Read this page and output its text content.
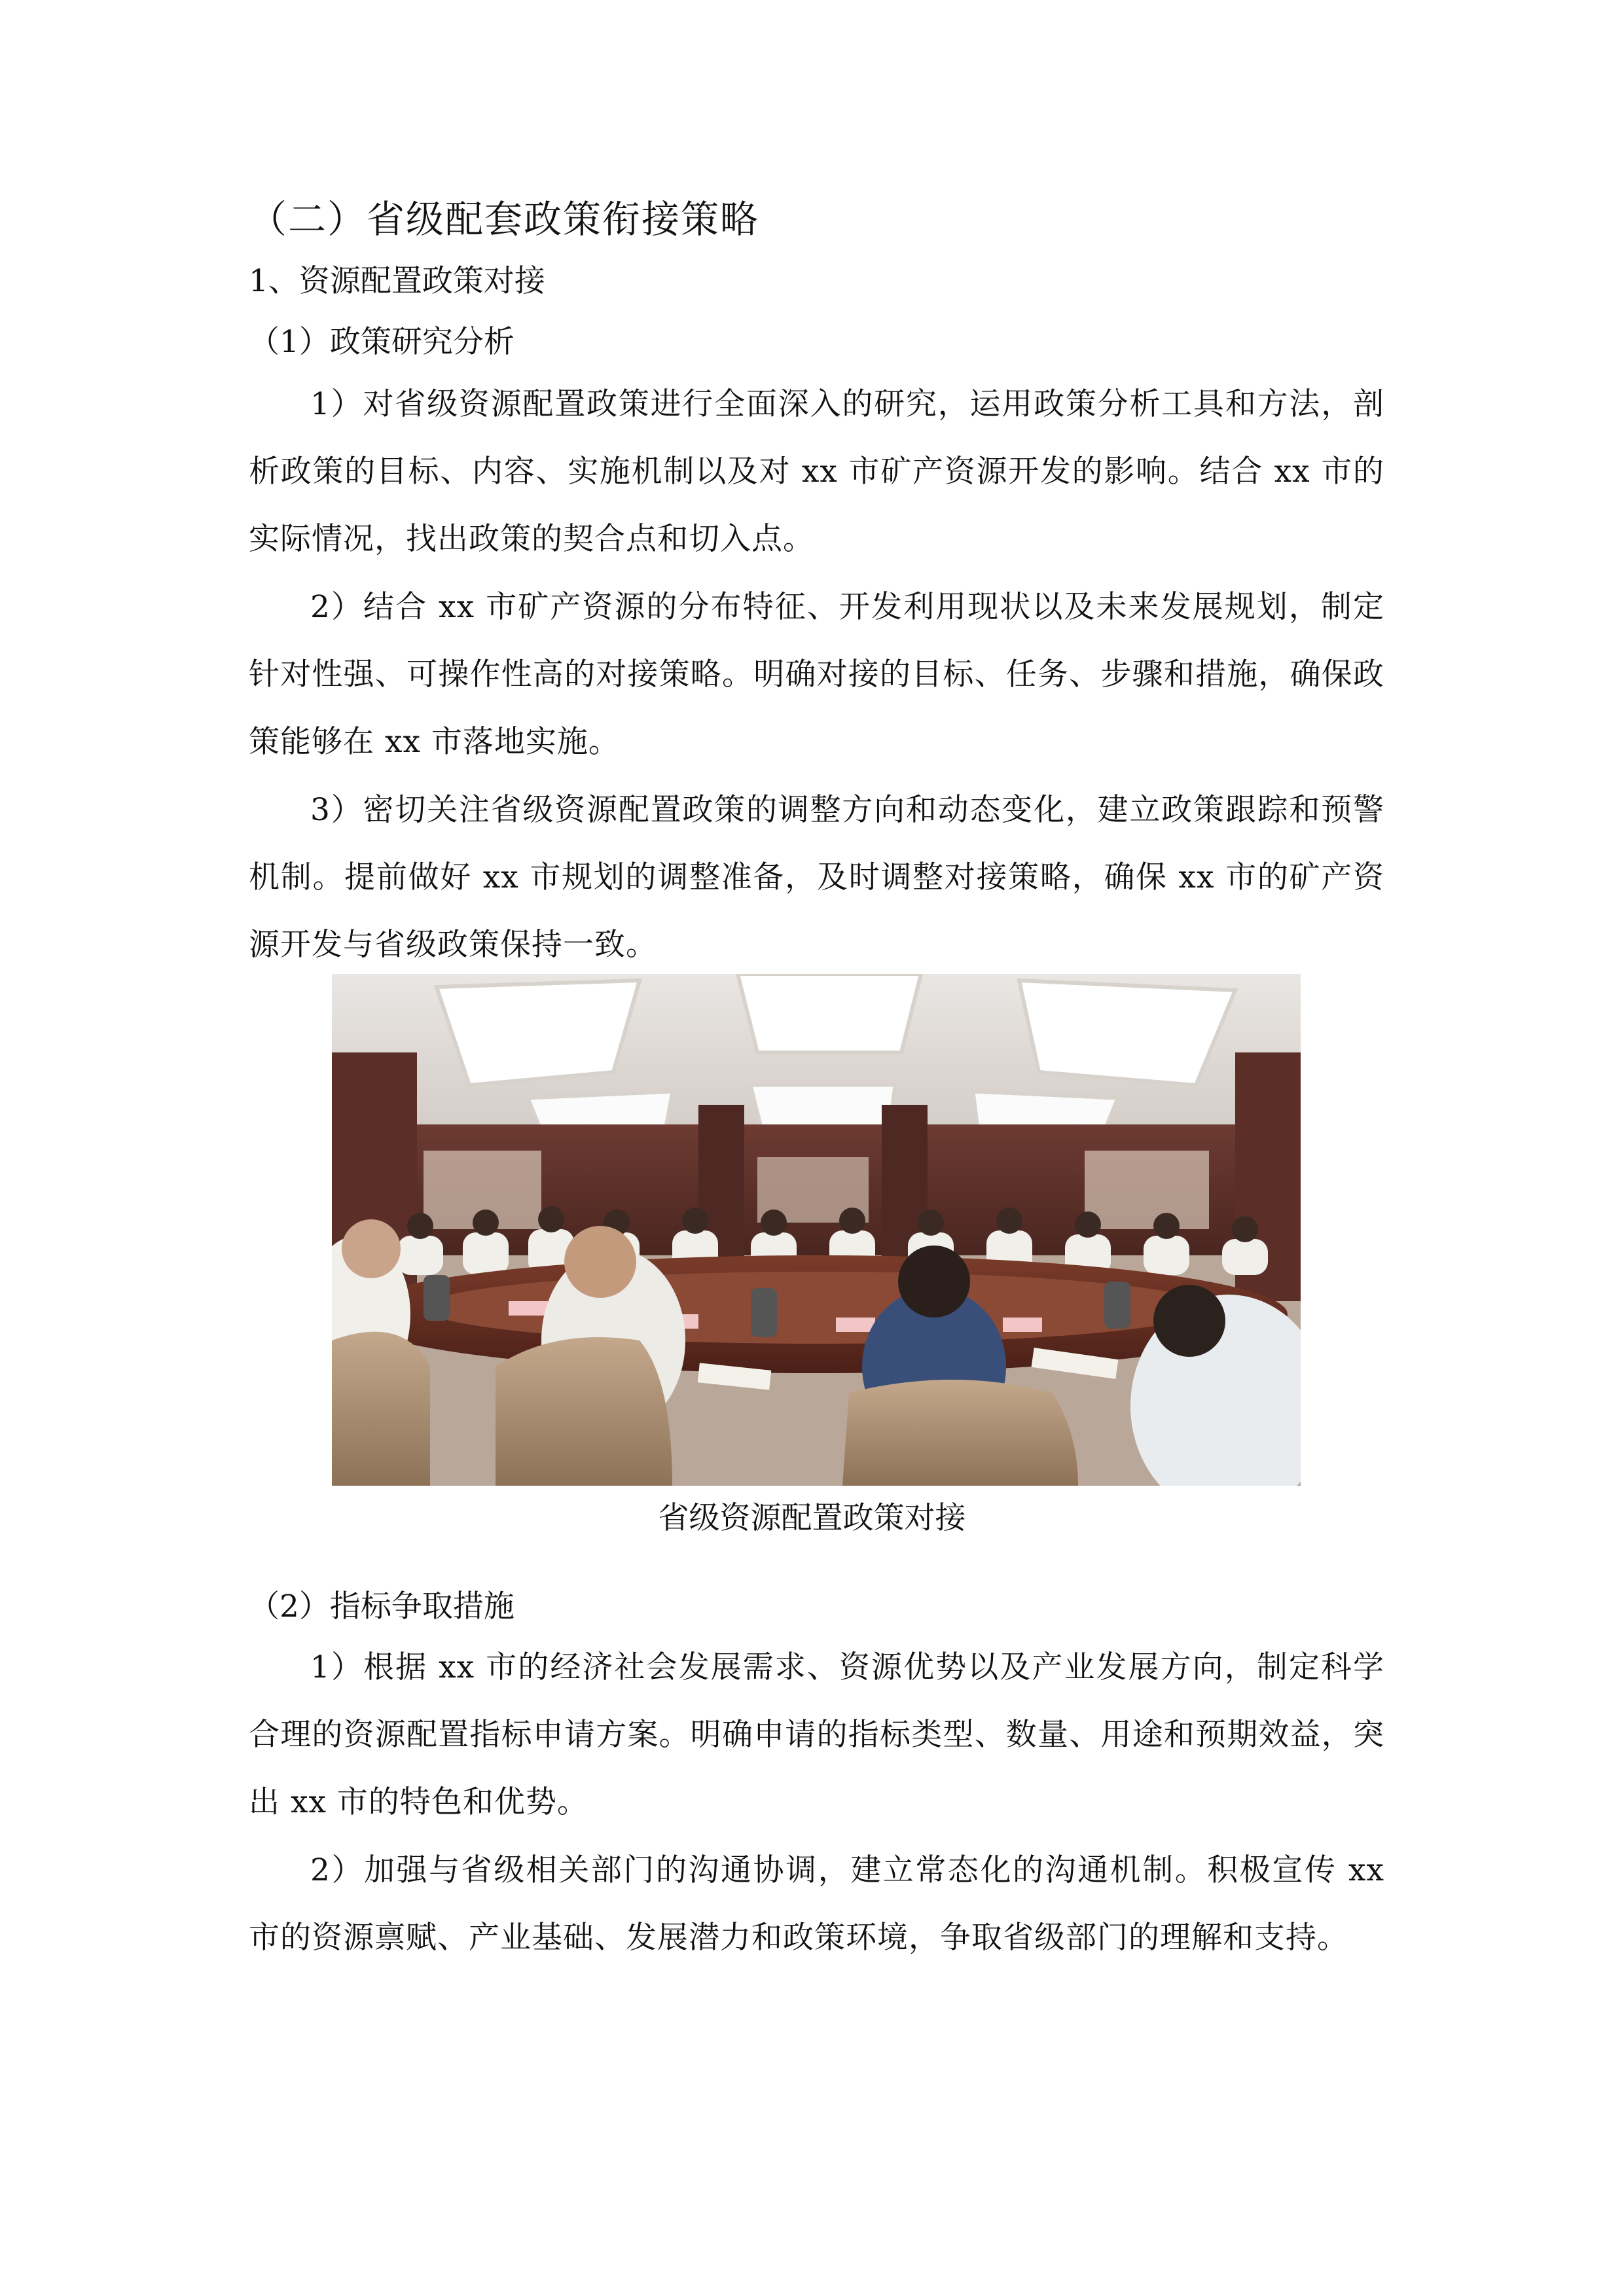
（二）省级配套政策衔接策略
1、资源配置政策对接
（1）政策研究分析
1）对省级资源配置政策进行全面深入的研究，运用政策分析工具和方法，剖析政策的目标、内容、实施机制以及对 xx 市矿产资源开发的影响。结合 xx 市的实际情况，找出政策的契合点和切入点。
2）结合 xx 市矿产资源的分布特征、开发利用现状以及未来发展规划，制定针对性强、可操作性高的对接策略。明确对接的目标、任务、步骤和措施，确保政策能够在 xx 市落地实施。
3）密切关注省级资源配置政策的调整方向和动态变化，建立政策跟踪和预警机制。提前做好 xx 市规划的调整准备，及时调整对接策略，确保 xx 市的矿产资源开发与省级政策保持一致。
省级资源配置政策对接
（2）指标争取措施
1）根据 xx 市的经济社会发展需求、资源优势以及产业发展方向，制定科学合理的资源配置指标申请方案。明确申请的指标类型、数量、用途和预期效益，突出 xx 市的特色和优势。
2）加强与省级相关部门的沟通协调，建立常态化的沟通机制。积极宣传 xx 市的资源禀赋、产业基础、发展潜力和政策环境，争取省级部门的理解和支持。
